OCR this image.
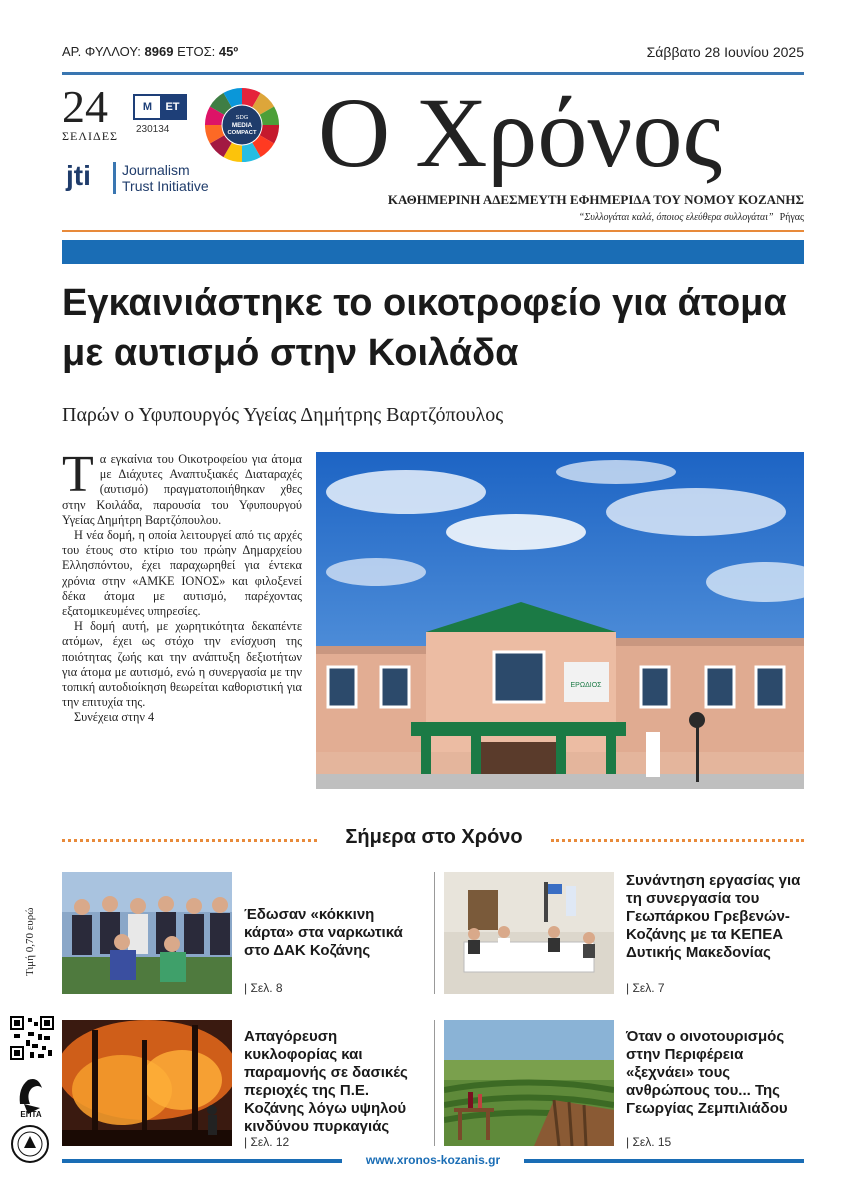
ΑΡ. ΦΥΛΛΟΥ: 8969 ΕΤΟΣ: 45º	Σάββατο 28 Ιουνίου 2025
24
ΣΕΛΙΔΕΣ
M	ET
230134
SDG
MEDIA
COMPACT
jti Journalism
Trust Initiative Ο Χρόνος
ΚΑΘΗΜΕΡΙΝΗ ΑΔΕΣΜΕΥΤΗ ΕΦΗΜΕΡΙΔΑ ΤΟΥ ΝΟΜΟΥ ΚΟΖΑΝΗΣ
“Συλλογάται καλά, όποιος ελεύθερα συλλογάται” Ρήγας
Εγκαινιάστηκε το οικοτροφείο για άτομα με αυτισμό στην Κοιλάδα
Παρών ο Υφυπουργός Υγείας Δημήτρης Βαρτζόπουλος

Τα εγκαίνια του Οικοτροφείου για άτομα με Διάχυτες Αναπτυξιακές Διαταραχές (αυτισμό) πραγματοποιήθηκαν χθες στην Κοιλάδα, παρουσία του Υφυπουργού Υγείας Δημήτρη Βαρτζόπουλου.

Η νέα δομή, η οποία λειτουργεί από τις αρχές του έτους στο κτίριο του πρώην Δημαρχείου Ελλησπόντου, έχει παραχωρηθεί για έντεκα χρόνια στην «ΑΜΚΕ ΙΟΝΟΣ» και φιλοξενεί δέκα άτομα με αυτισμό, παρέχοντας εξατομικευμένες υπηρεσίες.

Η δομή αυτή, με χωρητικότητα δεκαπέντε ατόμων, έχει ως στόχο την ενίσχυση της ποιότητας ζωής και την ανάπτυξη δεξιοτήτων για άτομα με αυτισμό, ενώ η συνεργασία με την τοπική αυτοδιοίκηση θεωρείται καθοριστική για την επιτυχία της.

Συνέχεια στην 4

ΕΡΩΔΙΟΣ
Σήμερα στο Χρόνο
Έδωσαν «κόκκινη κάρτα» στα ναρκωτικά στο ΔΑΚ Κοζάνης
| Σελ. 8
Συνάντηση εργασίας για τη συνεργασία του Γεωπάρκου Γρεβενών-Κοζάνης με τα ΚΕΠΕΑ Δυτικής Μακεδονίας
| Σελ. 7
Απαγόρευση κυκλοφορίας και παραμονής σε δασικές περιοχές της Π.Ε. Κοζάνης λόγω υψηλού κινδύνου πυρκαγιάς
| Σελ. 12
Όταν ο οινοτουρισμός στην Περιφέρεια «ξεχνάει» τους ανθρώπους του... Της Γεωργίας Ζεμπιλιάδου
| Σελ. 15
Τιμή 0,70 ευρώ
ΕΠΤΑ
www.xronos-kozanis.gr
